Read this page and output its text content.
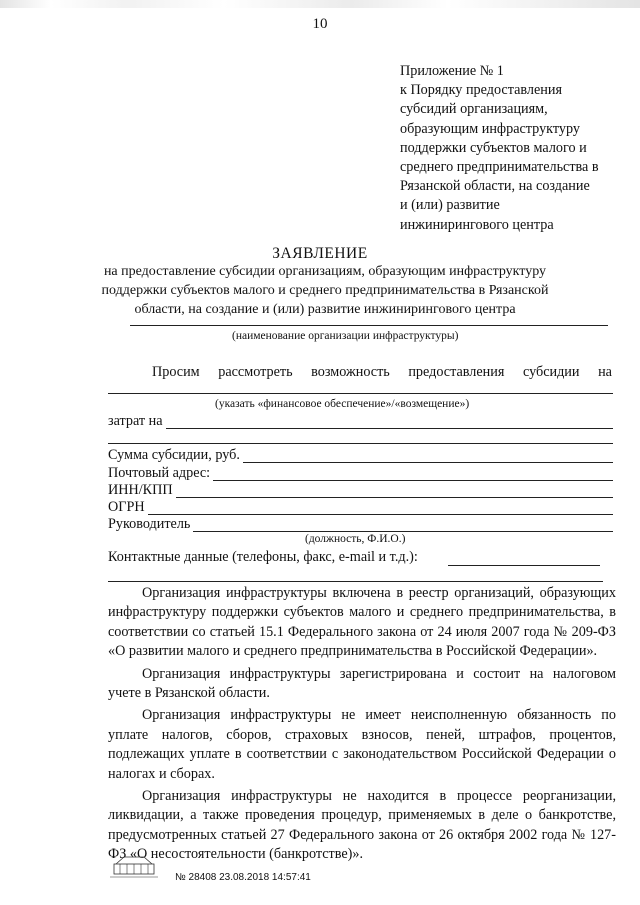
10
Приложение № 1
к Порядку предоставления
субсидий организациям,
образующим инфраструктуру
поддержки субъектов малого и
среднего предпринимательства в
Рязанской области, на создание
и (или) развитие
инжинирингового центра
ЗАЯВЛЕНИЕ
на предоставление субсидии организациям, образующим инфраструктуру
поддержки субъектов малого и среднего предпринимательства в Рязанской
области, на создание и (или) развитие инжинирингового центра
(наименование организации инфраструктуры)
Просим рассмотреть возможность предоставления субсидии на
(указать «финансовое обеспечение»/«возмещение»)
затрат на
Сумма субсидии, руб.
Почтовый адрес:
ИНН/КПП
ОГРН
Руководитель
(должность, Ф.И.О.)
Контактные данные (телефоны, факс, e-mail и т.д.):
Организация инфраструктуры включена в реестр организаций, образующих инфраструктуру поддержки субъектов малого и среднего предпринимательства, в соответствии со статьей 15.1 Федерального закона от 24 июля 2007 года № 209-ФЗ «О развитии малого и среднего предпринимательства в Российской Федерации».
Организация инфраструктуры зарегистрирована и состоит на налоговом учете в Рязанской области.
Организация инфраструктуры не имеет неисполненную обязанность по уплате налогов, сборов, страховых взносов, пеней, штрафов, процентов, подлежащих уплате в соответствии с законодательством Российской Федерации о налогах и сборах.
Организация инфраструктуры не находится в процессе реорганизации, ликвидации, а также проведения процедур, применяемых в деле о банкротстве, предусмотренных статьей 27 Федерального закона от 26 октября 2002 года № 127-ФЗ «О несостоятельности (банкротстве)».
№ 28408 23.08.2018 14:57:41
